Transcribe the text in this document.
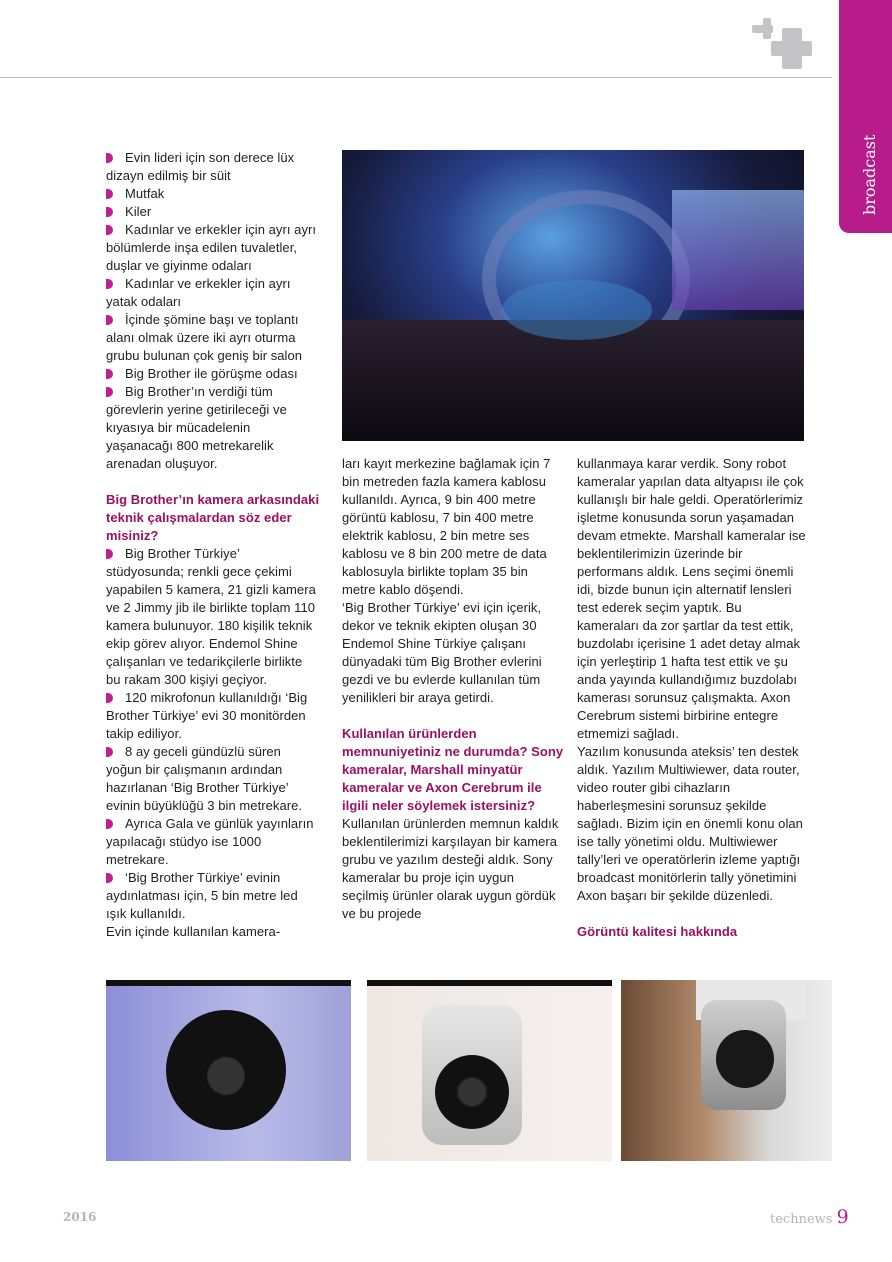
broadcast

Evin lideri için son derece lüx dizayn edilmiş bir süit

Mutfak

Kiler

Kadınlar ve erkekler için ayrı ayrı bölümlerde inşa edilen tuvaletler, duşlar ve giyinme odaları

Kadınlar ve erkekler için ayrı yatak odaları

İçinde şömine başı ve toplantı alanı olmak üzere iki ayrı oturma grubu bulunan çok geniş bir salon

Big Brother ile görüşme odası

Big Brother’ın verdiği tüm görevlerin yerine getirileceği ve kıyasıya bir mücadelenin yaşanacağı 800 metrekarelik arenadan oluşuyor.

Big Brother’ın kamera arkasındaki teknik çalışmalardan söz eder misiniz?

Big Brother Türkiye’ stüdyosunda; renkli gece çekimi yapabilen 5 kamera, 21 gizli kamera ve 2 Jimmy jib ile birlikte toplam 110 kamera bulunuyor. 180 kişilik teknik ekip görev alıyor. Endemol Shine çalışanları ve tedarikçilerle birlikte bu rakam 300 kişiyi geçiyor.

120 mikrofonun kullanıldığı ‘Big Brother Türkiye’ evi 30 monitörden takip ediliyor.

8 ay geceli gündüzlü süren yoğun bir çalışmanın ardından hazırlanan ‘Big Brother Türkiye’ evinin büyüklüğü 3 bin metrekare.

Ayrıca Gala ve günlük yayınların yapılacağı stüdyo ise 1000 metrekare.

‘Big Brother Türkiye’ evinin aydınlatması için, 5 bin metre led ışık kullanıldı.

Evin içinde kullanılan kamera-

ları kayıt merkezine bağlamak için 7 bin metreden fazla kamera kablosu kullanıldı. Ayrıca, 9 bin 400 metre görüntü kablosu, 7 bin 400 metre elektrik kablosu, 2 bin metre ses kablosu ve 8 bin 200 metre de data kablosuyla birlikte toplam 35 bin metre kablo döşendi.

‘Big Brother Türkiye’ evi için içerik, dekor ve teknik ekipten oluşan 30 Endemol Shine Türkiye çalışanı dünyadaki tüm Big Brother evlerini gezdi ve bu evlerde kullanılan tüm yenilikleri bir araya getirdi.

Kullanılan ürünlerden memnuniyetiniz ne durumda? Sony kameralar, Marshall minyatür kameralar ve Axon Cerebrum ile ilgili neler söylemek istersiniz?

Kullanılan ürünlerden memnun kaldık beklentilerimizi karşılayan bir kamera grubu ve yazılım desteği aldık. Sony kameralar bu proje için uygun seçilmiş ürünler olarak uygun gördük ve bu projede

kullanmaya karar verdik. Sony robot kameralar yapılan data altyapısı ile çok kullanışlı bir hale geldi. Operatörlerimiz işletme konusunda sorun yaşamadan devam etmekte. Marshall kameralar ise beklentilerimizin üzerinde bir performans aldık. Lens seçimi önemli idi, bizde bunun için alternatif lensleri test ederek seçim yaptık. Bu kameraları da zor şartlar da test ettik, buzdolabı içerisine 1 adet detay almak için yerleştirip 1 hafta test ettik ve şu anda yayında kullandığımız buzdolabı kamerası sorunsuz çalışmakta. Axon Cerebrum sistemi birbirine entegre etmemizi sağladı.

Yazılım konusunda ateksis’ ten destek aldık. Yazılım Multiwiewer, data router, video router gibi cihazların haberleşmesini sorunsuz şekilde sağladı. Bizim için en önemli konu olan ise tally yönetimi oldu. Multiwiewer tally’leri ve operatörlerin izleme yaptığı broadcast monitörlerin tally yönetimini Axon başarı bir şekilde düzenledi.

Görüntü kalitesi hakkında
2016	technews 9
